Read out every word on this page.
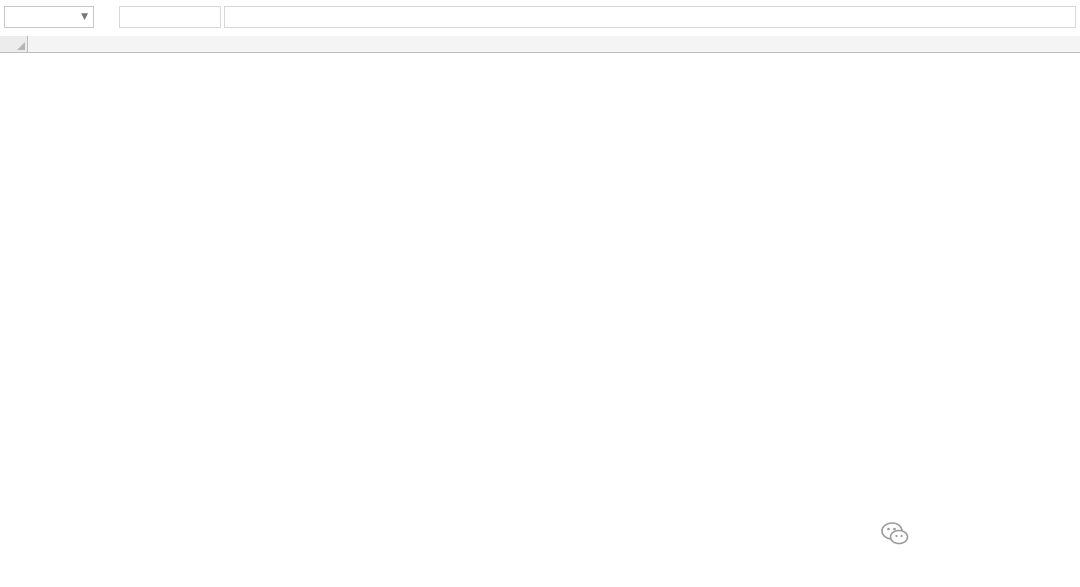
▼
